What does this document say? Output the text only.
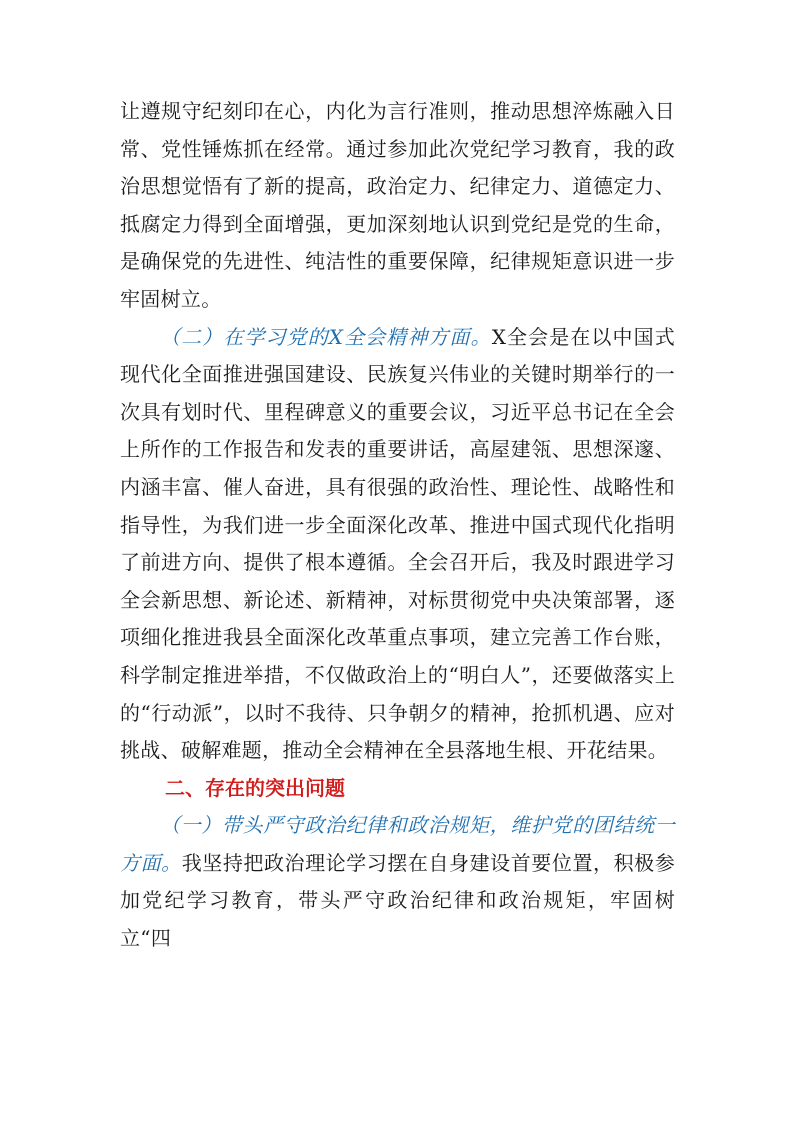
让遵规守纪刻印在心，内化为言行准则，推动思想淬炼融入日常、党性锤炼抓在经常。通过参加此次党纪学习教育，我的政治思想觉悟有了新的提高，政治定力、纪律定力、道德定力、抵腐定力得到全面增强，更加深刻地认识到党纪是党的生命，是确保党的先进性、纯洁性的重要保障，纪律规矩意识进一步牢固树立。

（二）在学习党的X全会精神方面。X全会是在以中国式现代化全面推进强国建设、民族复兴伟业的关键时期举行的一次具有划时代、里程碑意义的重要会议，习近平总书记在全会上所作的工作报告和发表的重要讲话，高屋建瓴、思想深邃、内涵丰富、催人奋进，具有很强的政治性、理论性、战略性和指导性，为我们进一步全面深化改革、推进中国式现代化指明了前进方向、提供了根本遵循。全会召开后，我及时跟进学习全会新思想、新论述、新精神，对标贯彻党中央决策部署，逐项细化推进我县全面深化改革重点事项，建立完善工作台账，科学制定推进举措，不仅做政治上的“明白人”，还要做落实上的“行动派”，以时不我待、只争朝夕的精神，抢抓机遇、应对挑战、破解难题，推动全会精神在全县落地生根、开花结果。

二、存在的突出问题

（一）带头严守政治纪律和政治规矩，维护党的团结统一方面。我坚持把政治理论学习摆在自身建设首要位置，积极参加党纪学习教育，带头严守政治纪律和政治规矩，牢固树立“四
